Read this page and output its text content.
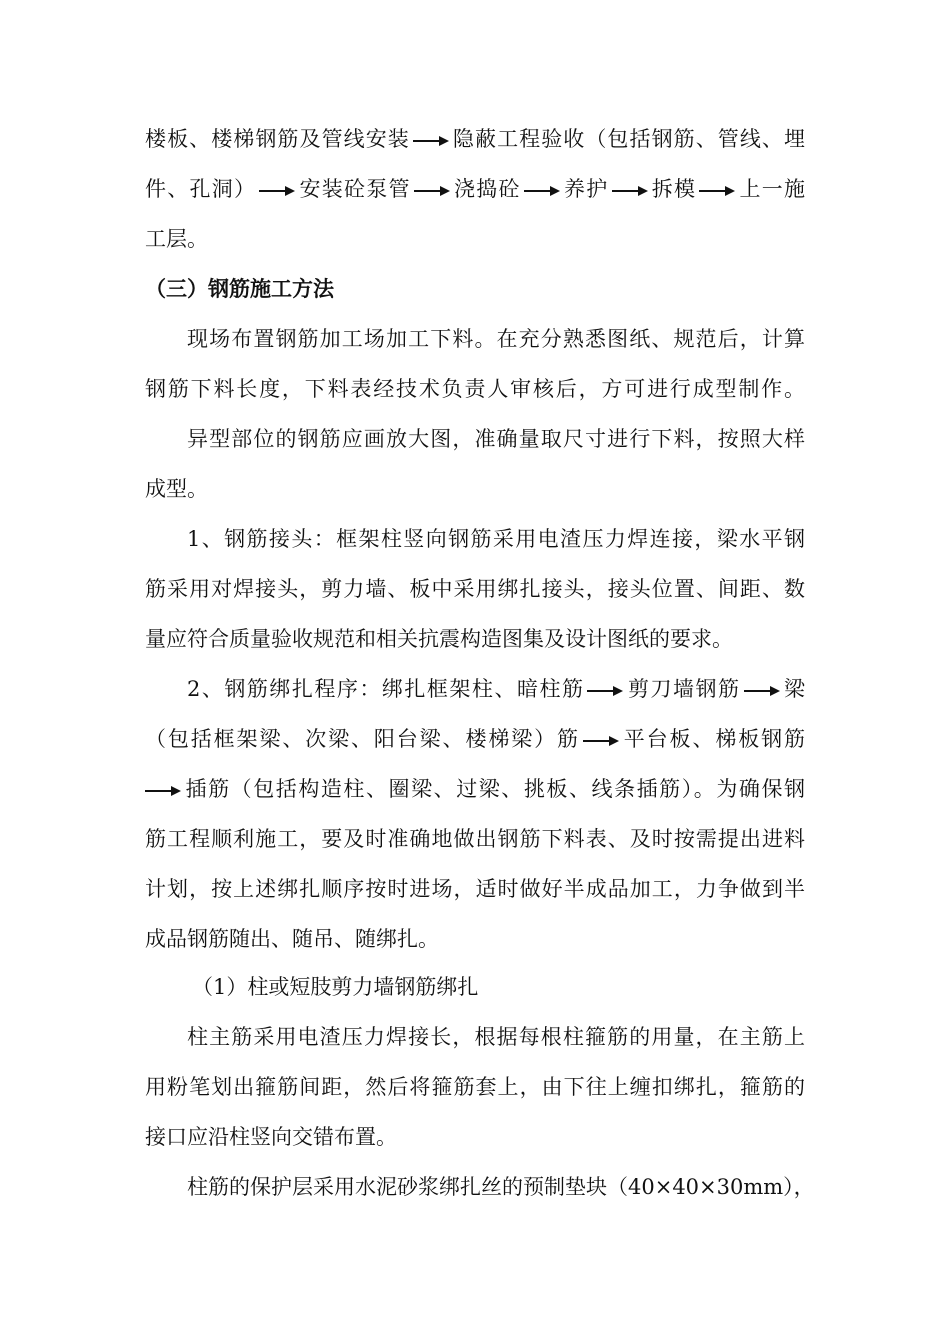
楼板、楼梯钢筋及管线安装 隐蔽工程验收（包括钢筋、管线、埋
件、孔洞） 安装砼泵管 浇捣砼 养护 拆模 上一施
工层。
（三）钢筋施工方法
现场布置钢筋加工场加工下料。在充分熟悉图纸、规范后，计算
钢筋下料长度，下料表经技术负责人审核后，方可进行成型制作。
异型部位的钢筋应画放大图，准确量取尺寸进行下料，按照大样
成型。
1、钢筋接头：框架柱竖向钢筋采用电渣压力焊连接，梁水平钢
筋采用对焊接头，剪力墙、板中采用绑扎接头，接头位置、间距、数
量应符合质量验收规范和相关抗震构造图集及设计图纸的要求。
2、钢筋绑扎程序：绑扎框架柱、暗柱筋 剪刀墙钢筋 梁
（包括框架梁、次梁、阳台梁、楼梯梁）筋 平台板、梯板钢筋
插筋（包括构造柱、圈梁、过梁、挑板、线条插筋）。为确保钢
筋工程顺利施工，要及时准确地做出钢筋下料表、及时按需提出进料
计划，按上述绑扎顺序按时进场，适时做好半成品加工，力争做到半
成品钢筋随出、随吊、随绑扎。
（1）柱或短肢剪力墙钢筋绑扎
柱主筋采用电渣压力焊接长，根据每根柱箍筋的用量，在主筋上
用粉笔划出箍筋间距，然后将箍筋套上，由下往上缠扣绑扎，箍筋的
接口应沿柱竖向交错布置。
柱筋的保护层采用水泥砂浆绑扎丝的预制垫块（40×40×30mm），
